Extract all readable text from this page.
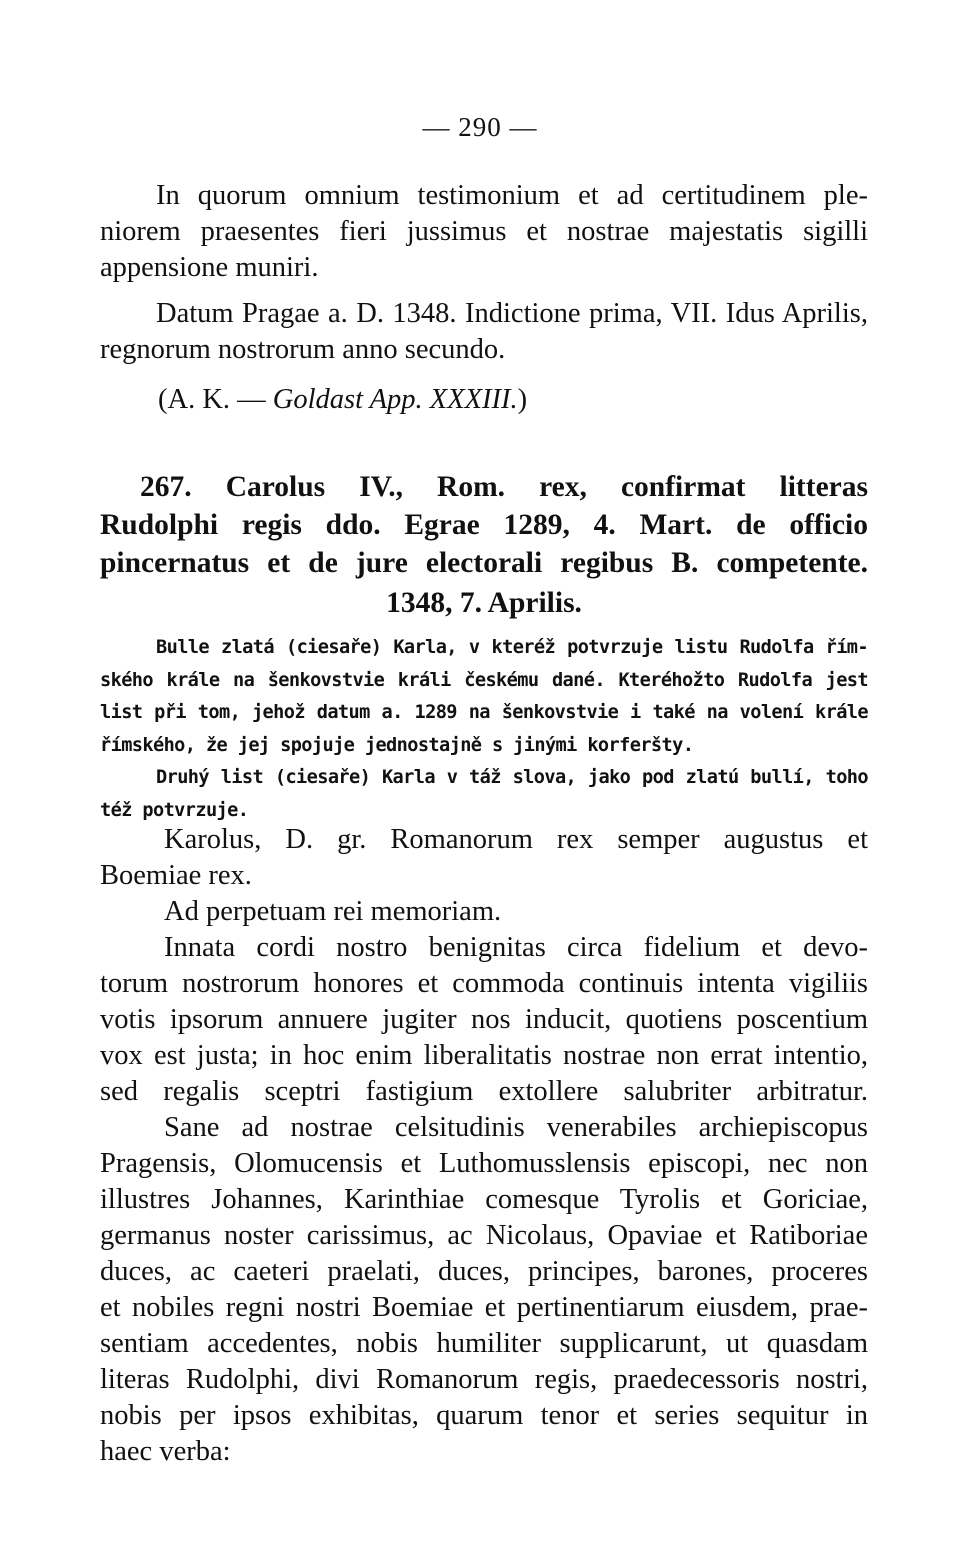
— 290 —

In quorum omnium testimonium et ad certitudinem ple- niorem praesentes fieri jussimus et nostrae majestatis sigilli appensione muniri.

Datum Pragae a. D. 1348. Indictione prima, VII. Idus Aprilis, regnorum nostrorum anno secundo.

(A. K. — Goldast App. XXXIII.)
267. Carolus IV., Rom. rex, confirmat litteras
Rudolphi regis ddo. Egrae 1289, 4. Mart. de officio
pincernatus et de jure electorali regibus B. competente.
1348, 7. Aprilis.
Bulle zlatá (ciesaře) Karla, v kteréž potvrzuje listu Rudolfa řím-
ského krále na šenkovstvie králi českému dané. Kteréhožto Rudolfa jest
list při tom, jehož datum a. 1289 na šenkovstvie i také na volení krále
římského, že jej spojuje jednostajně s jinými korferšty.
Druhý list (ciesaře) Karla v táž slova, jako pod zlatú bullí, toho
též potvrzuje.
Karolus, D. gr. Romanorum rex semper augustus et
Boemiae rex.
Ad perpetuam rei memoriam.
Innata cordi nostro benignitas circa fidelium et devo-
torum nostrorum honores et commoda continuis intenta vigiliis
votis ipsorum annuere jugiter nos inducit, quotiens poscentium
vox est justa; in hoc enim liberalitatis nostrae non errat intentio,
sed regalis sceptri fastigium extollere salubriter arbitratur.
Sane ad nostrae celsitudinis venerabiles archiepiscopus
Pragensis, Olomucensis et Luthomusslensis episcopi, nec non
illustres Johannes, Karinthiae comesque Tyrolis et Goriciae,
germanus noster carissimus, ac Nicolaus, Opaviae et Ratiboriae
duces, ac caeteri praelati, duces, principes, barones, proceres
et nobiles regni nostri Boemiae et pertinentiarum eiusdem, prae-
sentiam accedentes, nobis humiliter supplicarunt, ut quasdam
literas Rudolphi, divi Romanorum regis, praedecessoris nostri,
nobis per ipsos exhibitas, quarum tenor et series sequitur in
haec verba:
